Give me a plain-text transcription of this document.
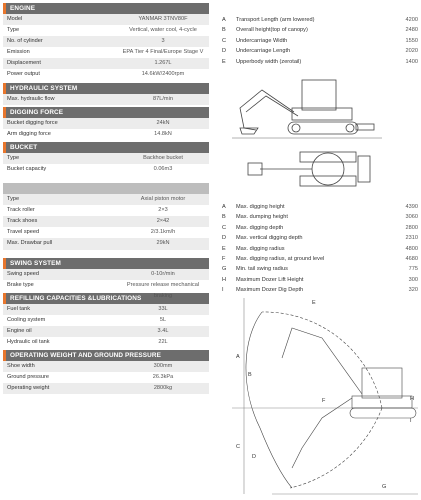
ENGINE
Model	YANMAR 3TNV80F
Type	Vertical, water cool, 4-cycle
No. of cylinder	3
Emission	EPA Tier 4 Final/Europe Stage V
Displacement	1.267L
Power output	14.6kW/2400rpm
HYDRAULIC SYSTEM
Max. hydraulic flow	87L/min
DIGGING FORCE
Bucket digging force	24kN
Arm digging force	14.8kN
BUCKET
Type	Backhoe bucket
Bucket capacity	0.06m3
Type	Axial piston motor
Track roller	2×3
Track shoes	2×42
Travel speed	2/3.1km/h
Max. Drawbar pull	29kN
SWING SYSTEM
Swing speed	0-10r/min
Brake type	Pressure release mechanical braking
REFILLING CAPACITIES &LUBRICATIONS
Fuel tank	33L
Cooling system	5L
Engine oil	3.4L
Hydraulic oil tank	22L
OPERATING WEIGHT AND GROUND PRESSURE
Shoe width	300mm
Ground pressure	26.3kPa
Operating weight	2800kg
A	Transport Length (arm lowered)	4200
B	Overall height(top of canopy)	2480
C	Undercarriage Width	1550
D	Undercarriage Length	2020
E	Upperbody width (zerotail)	1400
A	Max. digging height	4390
B	Max. dumping height	3060
C	Max. digging depth	2800
D	Max. vertical digging depth	2310
E	Max. digging radius	4800
F	Max. digging radius, at ground level	4680
G	Min. tail swing radius	775
H	Maximum Dozer Lift Height	300
I	Maximum Dozer Dig Depth	320
A
B
C
D
E
F
G
H
I
